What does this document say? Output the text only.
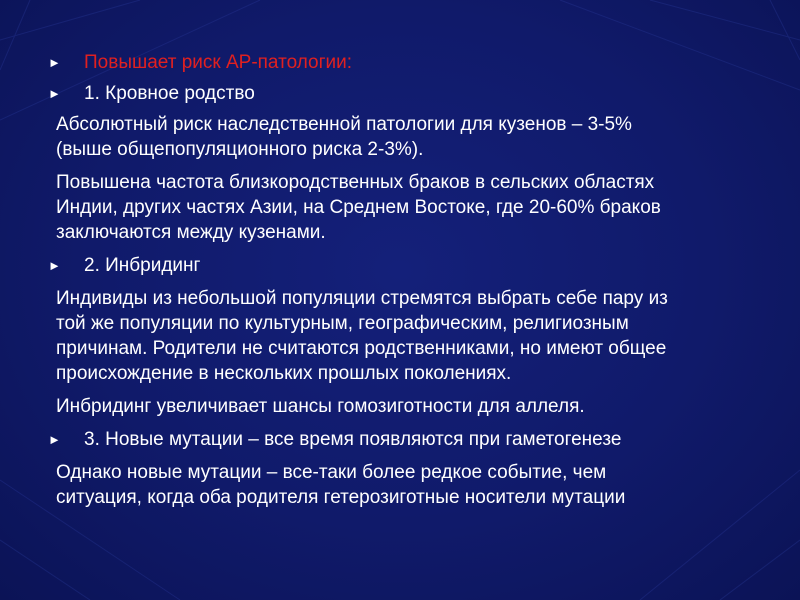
► Повышает риск АР-патологии:
► 1. Кровное родство
Абсолютный риск наследственной патологии для кузенов – 3-5%
(выше общепопуляционного риска 2-3%).
Повышена частота близкородственных браков в сельских областях
Индии, других частях Азии, на Среднем Востоке, где 20-60% браков
заключаются между кузенами.
► 2. Инбридинг
Индивиды из небольшой популяции стремятся выбрать себе пару из
той же популяции по культурным, географическим, религиозным
причинам. Родители не считаются родственниками, но имеют общее
происхождение в нескольких прошлых поколениях.
Инбридинг увеличивает шансы гомозиготности для аллеля.
► 3. Новые мутации – все время появляются при гаметогенезе
Однако новые мутации – все-таки более редкое событие, чем
ситуация, когда оба родителя гетерозиготные носители мутации
